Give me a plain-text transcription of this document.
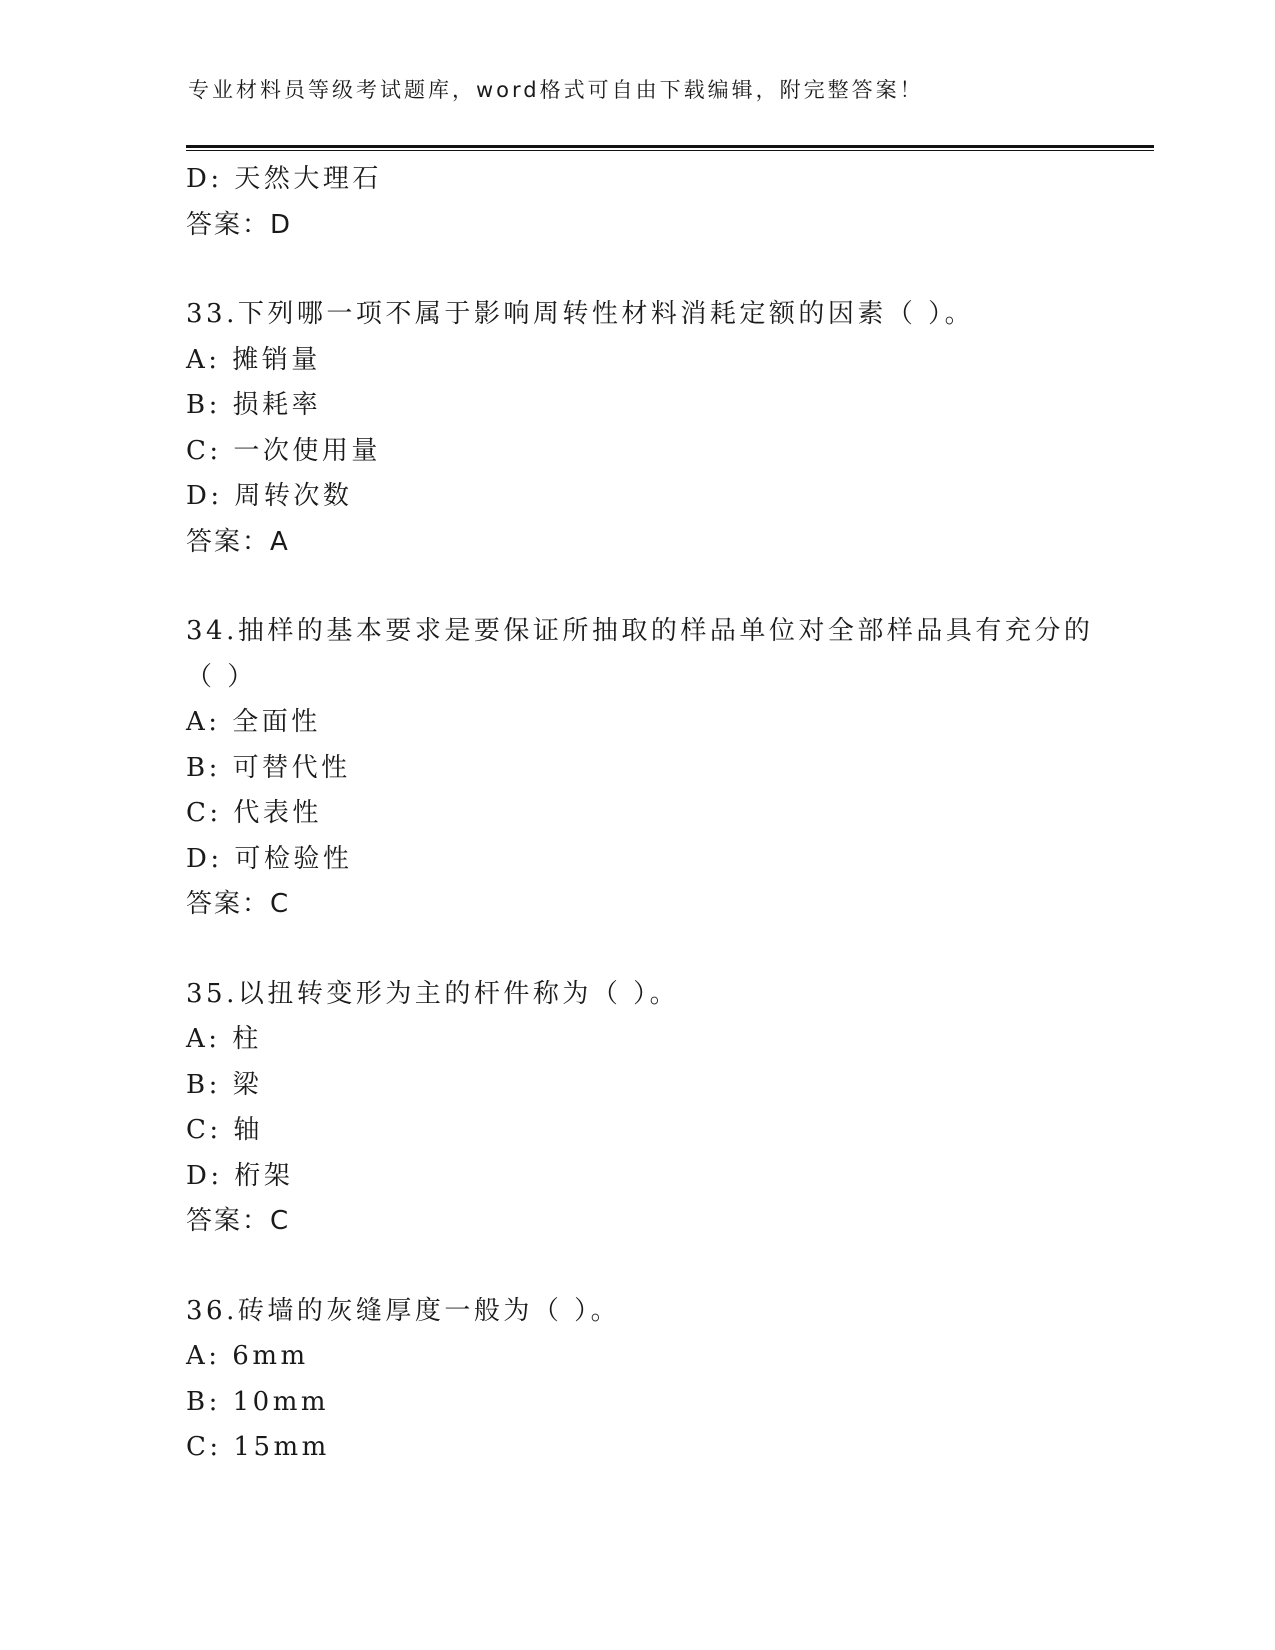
专业材料员等级考试题库，word格式可自由下载编辑，附完整答案！
D: 天然大理石
答案：D
33.下列哪一项不属于影响周转性材料消耗定额的因素（ ）。
A: 摊销量
B: 损耗率
C: 一次使用量
D: 周转次数
答案：A
34.抽样的基本要求是要保证所抽取的样品单位对全部样品具有充分的
（ ）
A: 全面性
B: 可替代性
C: 代表性
D: 可检验性
答案：C
35.以扭转变形为主的杆件称为（ ）。
A: 柱
B: 梁
C: 轴
D: 桁架
答案：C
36.砖墙的灰缝厚度一般为（ ）。
A: 6mm
B: 10mm
C: 15mm
